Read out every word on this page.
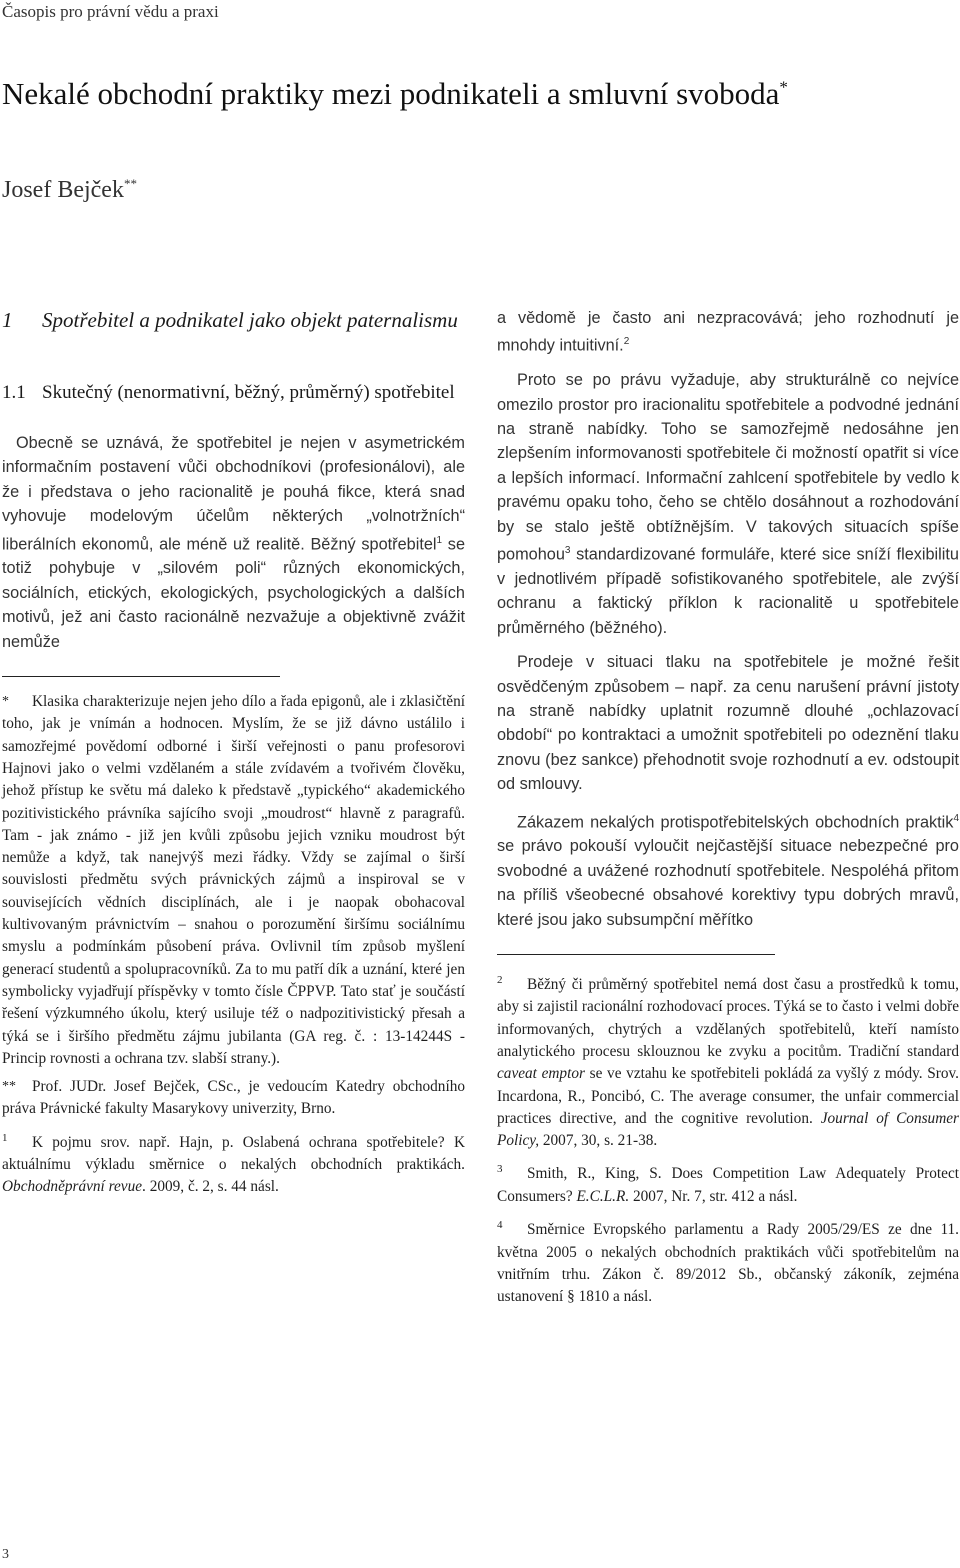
Časopis pro právní vědu a praxi
Nekalé obchodní praktiky mezi podnikateli a smluvní svoboda*
Josef Bejček**
1	Spotřebitel a podnikatel jako objekt paternalismu
1.1 Skutečný (nenormativní, běžný, průměrný) spotřebitel

Obecně se uznává, že spotřebitel je nejen v asymetrickém informačním postavení vůči obchodníkovi (profesionálovi), ale že i představa o jeho racionalitě je pouhá fikce, která snad vyhovuje modelovým účelům některých „volnotržních“ liberálních ekonomů, ale méně už realitě. Běžný spotřebitel$^1$ se totiž pohybuje v „silovém poli“ různých ekonomických, sociálních, etických, ekologických, psychologických a dalších motivů, jež ani často racionálně nezvažuje a objektivně zvážit nemůže

* Klasika charakterizuje nejen jeho dílo a řada epigonů, ale i zklasičtění toho, jak je vnímán a hodnocen. Myslím, že se již dávno ustálilo i samozřejmé povědomí odborné i širší veřejnosti o panu profesorovi Hajnovi jako o velmi vzdělaném a stále zvídavém a tvořivém člověku, jehož přístup ke světu má daleko k představě „typického“ akademického pozitivistického právníka sajícího svoji „moudrost“ hlavně z paragrafů. Tam - jak známo - již jen kvůli způsobu jejich vzniku moudrost být nemůže a když, tak nanejvýš mezi řádky. Vždy se zajímal o širší souvislosti předmětu svých právnických zájmů a inspiroval se v souvisejících vědních disciplínách, ale i je naopak obohacoval kultivovaným právnictvím – snahou o porozumění širšímu sociálnímu smyslu a podmínkám působení práva. Ovlivnil tím způsob myšlení generací studentů a spolupracovníků. Za to mu patří dík a uznání, které jen symbolicky vyjadřují příspěvky v tomto čísle ČPPVP. Tato stať je součástí řešení výzkumného úkolu, který usiluje též o nadpozitivistický přesah a týká se i širšího předmětu zájmu jubilanta (GA reg. č. : 13-14244S - Princip rovnosti a ochrana tzv. slabší strany.).

** Prof. JUDr. Josef Bejček, CSc., je vedoucím Katedry obchodního práva Právnické fakulty Masarykovy univerzity, Brno.

1 K pojmu srov. např. Hajn, p. Oslabená ochrana spotřebitele? K aktuálnímu výkladu směrnice o nekalých obchodních praktikách. Obchodněprávní revue. 2009, č. 2, s. 44 násl.

a vědomě je často ani nezpracovává; jeho rozhodnutí je mnohdy intuitivní.$^2$

Proto se po právu vyžaduje, aby strukturálně co nejvíce omezilo prostor pro iracionalitu spotřebitele a podvodné jednání na straně nabídky. Toho se samozřejmě nedosáhne jen zlepšením informovanosti spotřebitele či možností opatřit si více a lepších informací. Informační zahlcení spotřebitele by vedlo k pravému opaku toho, čeho se chtělo dosáhnout a rozhodování by se stalo ještě obtížnějším. V takových situacích spíše pomohou$^3$ standardizované formuláře, které sice sníží flexibilitu v jednotlivém případě sofistikovaného spotřebitele, ale zvýší ochranu a faktický příklon k racionalitě u spotřebitele průměrného (běžného).

Prodeje v situaci tlaku na spotřebitele je možné řešit osvědčeným způsobem – např. za cenu narušení právní jistoty na straně nabídky uplatnit rozumně dlouhé „ochlazovací období“ po kontraktaci a umožnit spotřebiteli po odeznění tlaku znovu (bez sankce) přehodnotit svoje rozhodnutí a ev. odstoupit od smlouvy.

Zákazem nekalých protispotřebitelských obchodních praktik$^4$ se právo pokouší vyloučit nejčastější situace nebezpečné pro svobodné a uvážené rozhodnutí spotřebitele. Nespoléhá přitom na příliš všeobecné obsahové korektivy typu dobrých mravů, které jsou jako subsumpční měřítko

2 Běžný či průměrný spotřebitel nemá dost času a prostředků k tomu, aby si zajistil racionální rozhodovací proces. Týká se to často i velmi dobře informovaných, chytrých a vzdělaných spotřebitelů, kteří namísto analytického procesu sklouznou ke zvyku a pocitům. Tradiční standard caveat emptor se ve vztahu ke spotřebiteli pokládá za vyšlý z módy. Srov. Incardona, R., Poncibó, C. The average consumer, the unfair commercial practices directive, and the cognitive revolution. Journal of Consumer Policy, 2007, 30, s. 21-38.

3 Smith, R., King, S. Does Competition Law Adequately Protect Consumers? E.C.L.R. 2007, Nr. 7, str. 412 a násl.

4 Směrnice Evropského parlamentu a Rady 2005/29/ES ze dne 11. května 2005 o nekalých obchodních praktikách vůči spotřebitelům na vnitřním trhu. Zákon č. 89/2012 Sb., občanský zákoník, zejména ustanovení § 1810 a násl.

3
